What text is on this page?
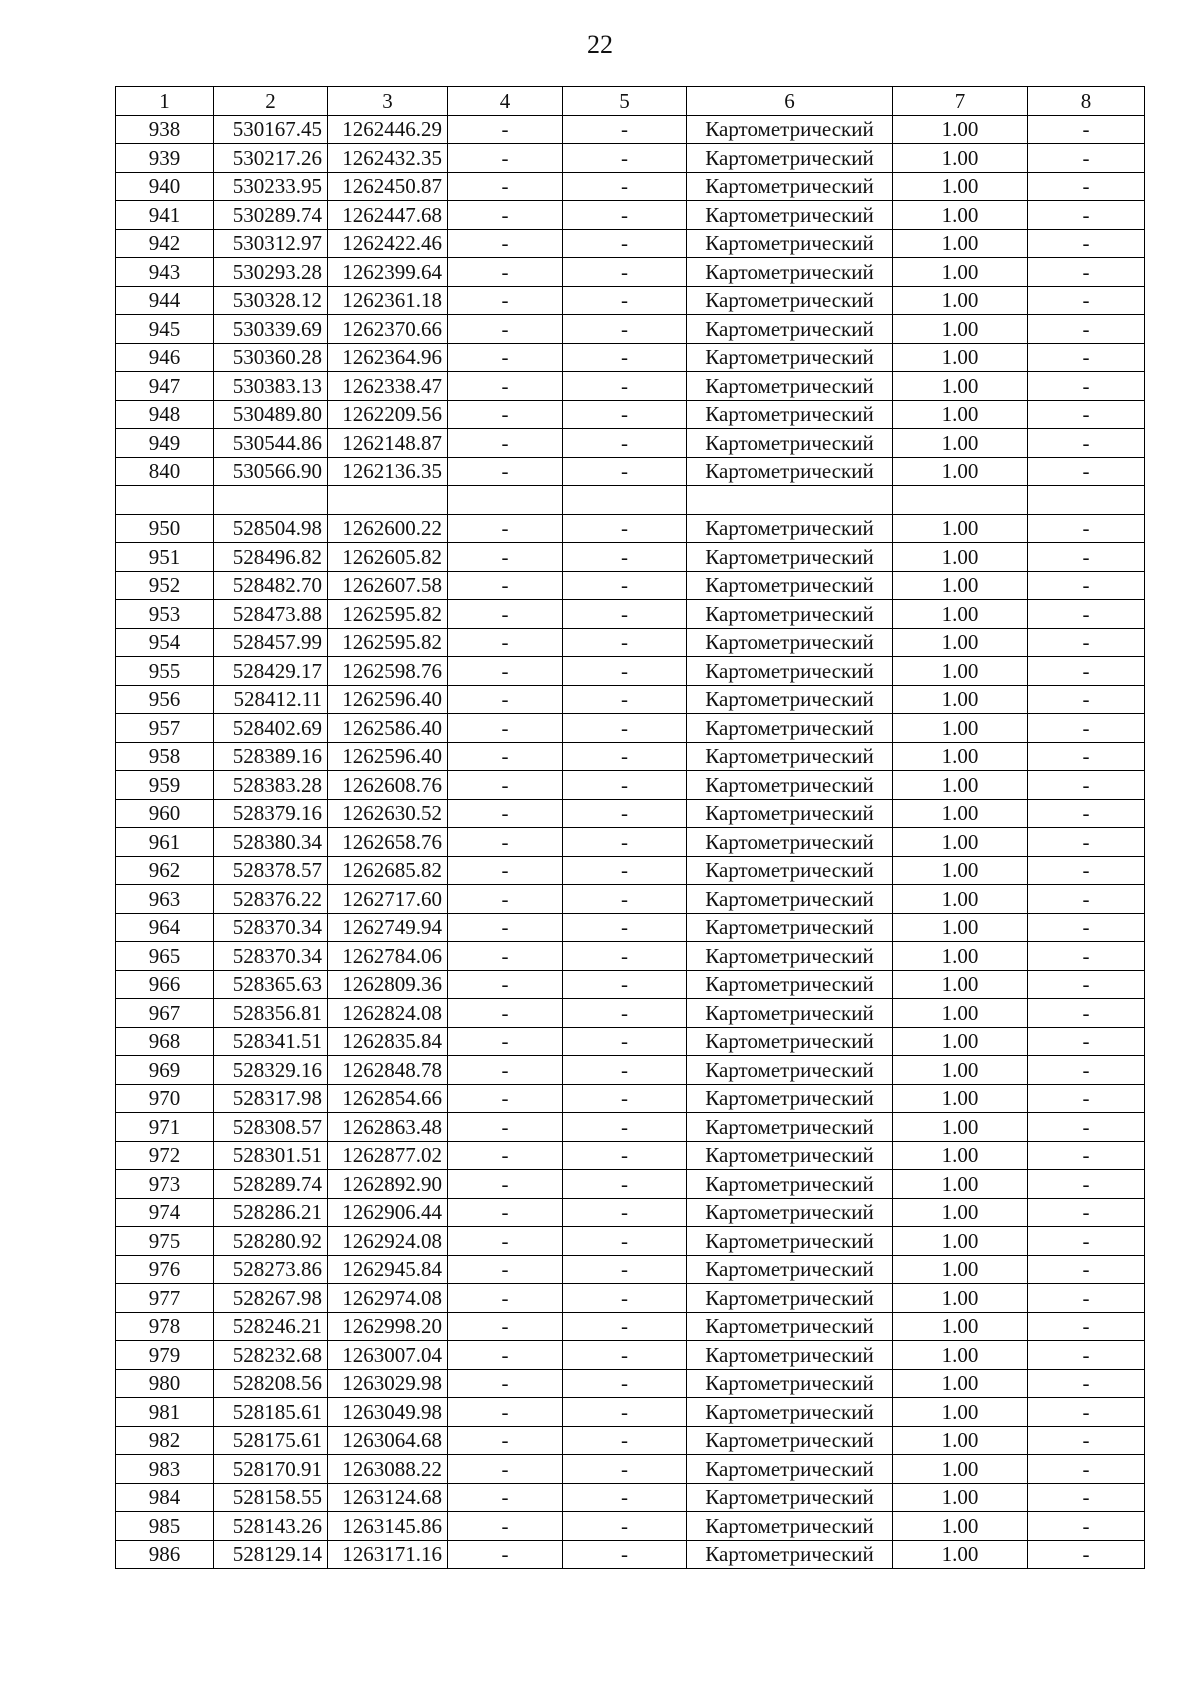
22
1	2	3	4	5	6	7	8
938	530167.45	1262446.29	-	-	Картометрический	1.00	-
939	530217.26	1262432.35	-	-	Картометрический	1.00	-
940	530233.95	1262450.87	-	-	Картометрический	1.00	-
941	530289.74	1262447.68	-	-	Картометрический	1.00	-
942	530312.97	1262422.46	-	-	Картометрический	1.00	-
943	530293.28	1262399.64	-	-	Картометрический	1.00	-
944	530328.12	1262361.18	-	-	Картометрический	1.00	-
945	530339.69	1262370.66	-	-	Картометрический	1.00	-
946	530360.28	1262364.96	-	-	Картометрический	1.00	-
947	530383.13	1262338.47	-	-	Картометрический	1.00	-
948	530489.80	1262209.56	-	-	Картометрический	1.00	-
949	530544.86	1262148.87	-	-	Картометрический	1.00	-
840	530566.90	1262136.35	-	-	Картометрический	1.00	-

950	528504.98	1262600.22	-	-	Картометрический	1.00	-
951	528496.82	1262605.82	-	-	Картометрический	1.00	-
952	528482.70	1262607.58	-	-	Картометрический	1.00	-
953	528473.88	1262595.82	-	-	Картометрический	1.00	-
954	528457.99	1262595.82	-	-	Картометрический	1.00	-
955	528429.17	1262598.76	-	-	Картометрический	1.00	-
956	528412.11	1262596.40	-	-	Картометрический	1.00	-
957	528402.69	1262586.40	-	-	Картометрический	1.00	-
958	528389.16	1262596.40	-	-	Картометрический	1.00	-
959	528383.28	1262608.76	-	-	Картометрический	1.00	-
960	528379.16	1262630.52	-	-	Картометрический	1.00	-
961	528380.34	1262658.76	-	-	Картометрический	1.00	-
962	528378.57	1262685.82	-	-	Картометрический	1.00	-
963	528376.22	1262717.60	-	-	Картометрический	1.00	-
964	528370.34	1262749.94	-	-	Картометрический	1.00	-
965	528370.34	1262784.06	-	-	Картометрический	1.00	-
966	528365.63	1262809.36	-	-	Картометрический	1.00	-
967	528356.81	1262824.08	-	-	Картометрический	1.00	-
968	528341.51	1262835.84	-	-	Картометрический	1.00	-
969	528329.16	1262848.78	-	-	Картометрический	1.00	-
970	528317.98	1262854.66	-	-	Картометрический	1.00	-
971	528308.57	1262863.48	-	-	Картометрический	1.00	-
972	528301.51	1262877.02	-	-	Картометрический	1.00	-
973	528289.74	1262892.90	-	-	Картометрический	1.00	-
974	528286.21	1262906.44	-	-	Картометрический	1.00	-
975	528280.92	1262924.08	-	-	Картометрический	1.00	-
976	528273.86	1262945.84	-	-	Картометрический	1.00	-
977	528267.98	1262974.08	-	-	Картометрический	1.00	-
978	528246.21	1262998.20	-	-	Картометрический	1.00	-
979	528232.68	1263007.04	-	-	Картометрический	1.00	-
980	528208.56	1263029.98	-	-	Картометрический	1.00	-
981	528185.61	1263049.98	-	-	Картометрический	1.00	-
982	528175.61	1263064.68	-	-	Картометрический	1.00	-
983	528170.91	1263088.22	-	-	Картометрический	1.00	-
984	528158.55	1263124.68	-	-	Картометрический	1.00	-
985	528143.26	1263145.86	-	-	Картометрический	1.00	-
986	528129.14	1263171.16	-	-	Картометрический	1.00	-
